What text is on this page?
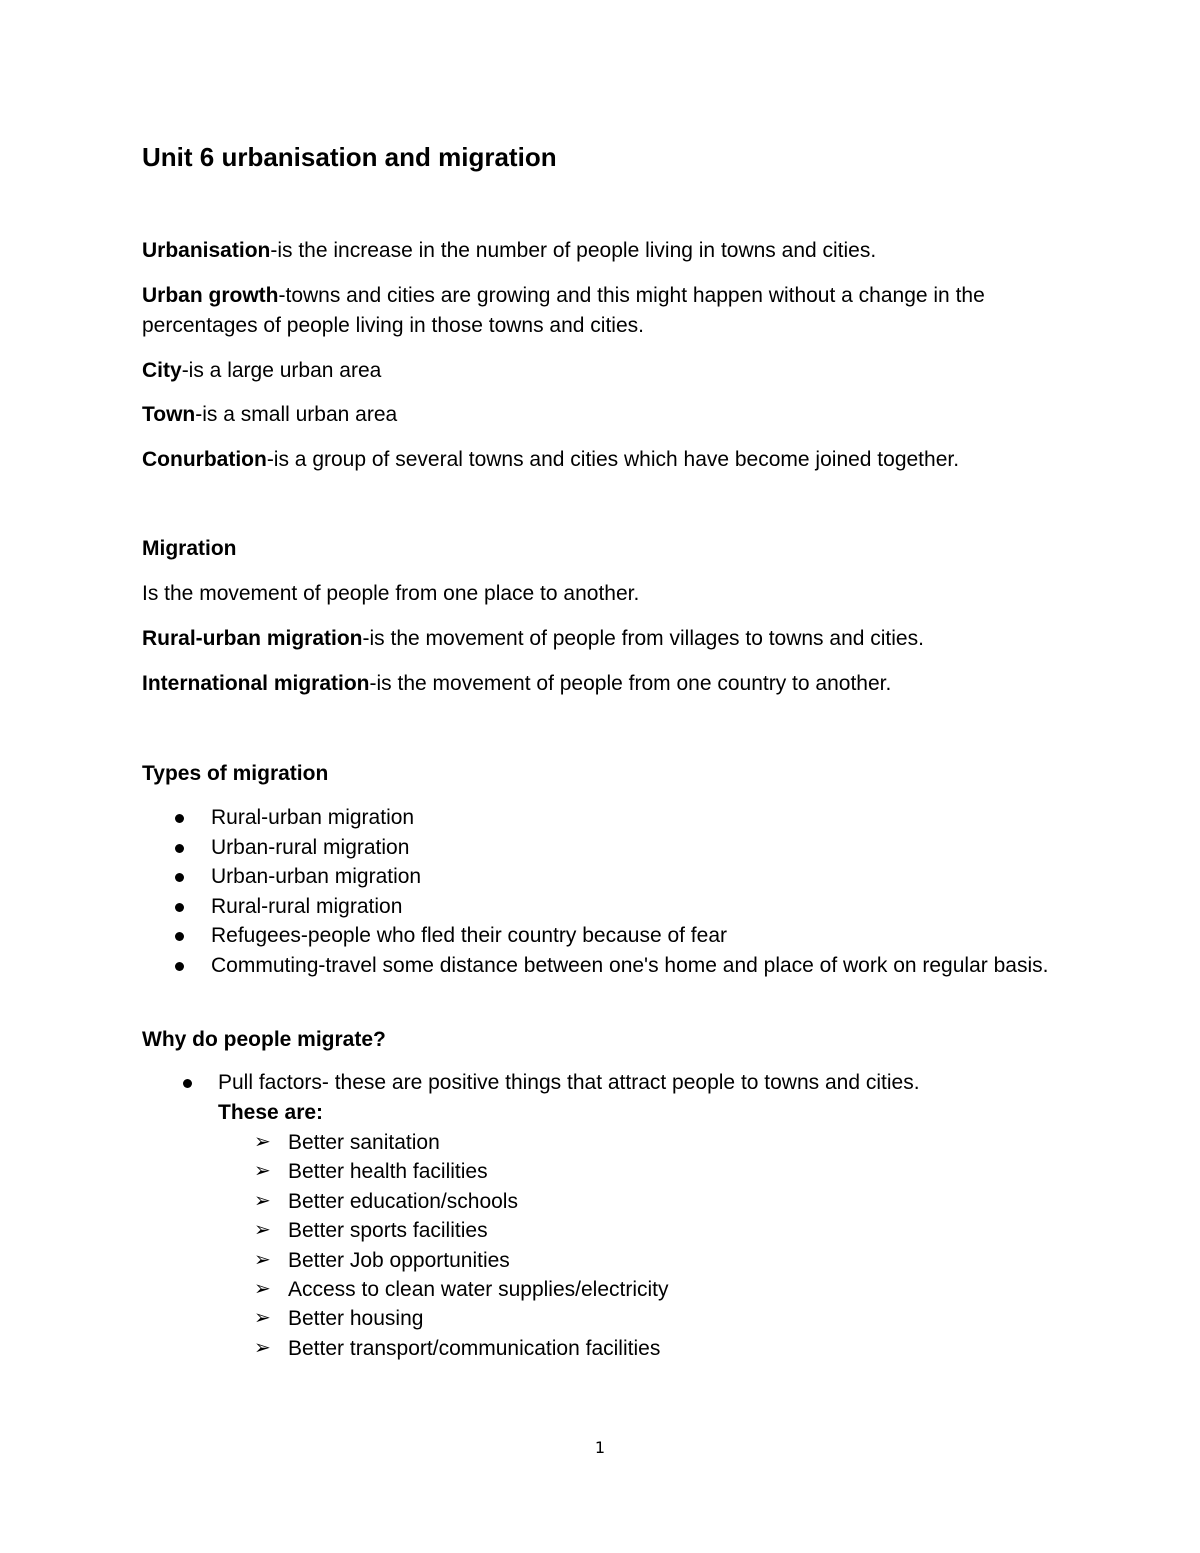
Unit 6 urbanisation and migration
Urbanisation-is the increase in the number of people living in towns and cities.
Urban growth-towns and cities are growing and this might happen without a change in the percentages of people living in those towns and cities.
City-is a large urban area
Town-is a small urban area
Conurbation-is a group of several towns and cities which have become joined together.
Migration
Is the movement of people from one place to another.
Rural-urban migration-is the movement of people from villages to towns and cities.
International migration-is the movement of people from one country to another.
Types of migration
Rural-urban migration
Urban-rural migration
Urban-urban migration
Rural-rural migration
Refugees-people who fled their country because of fear
Commuting-travel some distance between one's home and place of work on regular basis.
Why do people migrate?
Pull factors- these are positive things that attract people to towns and cities.
These are:
➢ Better sanitation
➢ Better health facilities
➢ Better education/schools
➢ Better sports facilities
➢ Better Job opportunities
➢ Access to clean water supplies/electricity
➢ Better housing
➢ Better transport/communication facilities
1
